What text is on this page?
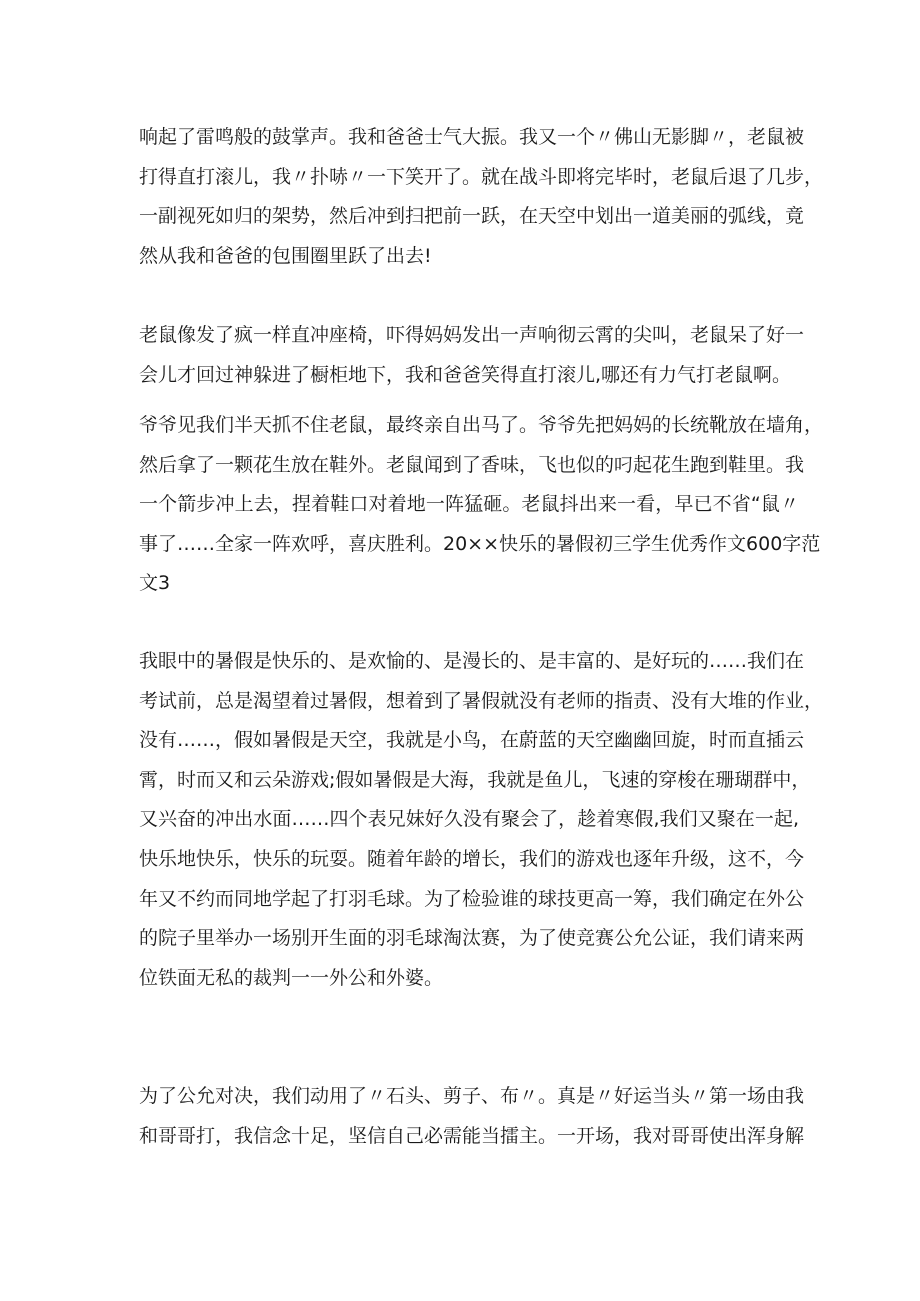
响起了雷鸣般的鼓掌声。我和爸爸士气大振。我又一个〃佛山无影脚〃，老鼠被
打得直打滚儿，我〃扑哧〃一下笑开了。就在战斗即将完毕时，老鼠后退了几步，
一副视死如归的架势，然后冲到扫把前一跃，在天空中划出一道美丽的弧线，竟
然从我和爸爸的包围圈里跃了出去!
老鼠像发了疯一样直冲座椅，吓得妈妈发出一声响彻云霄的尖叫，老鼠呆了好一
会儿才回过神躲进了橱柜地下，我和爸爸笑得直打滚儿,哪还有力气打老鼠啊。
爷爷见我们半天抓不住老鼠，最终亲自出马了。爷爷先把妈妈的长统靴放在墙角，
然后拿了一颗花生放在鞋外。老鼠闻到了香味，飞也似的叼起花生跑到鞋里。我
一个箭步冲上去，捏着鞋口对着地一阵猛砸。老鼠抖出来一看，早已不省“鼠〃
事了……全家一阵欢呼，喜庆胜利。20××快乐的暑假初三学生优秀作文600字范
文3
我眼中的暑假是快乐的、是欢愉的、是漫长的、是丰富的、是好玩的……我们在
考试前，总是渴望着过暑假，想着到了暑假就没有老师的指责、没有大堆的作业，
没有……，假如暑假是天空，我就是小鸟，在蔚蓝的天空幽幽回旋，时而直插云
霄，时而又和云朵游戏;假如暑假是大海，我就是鱼儿，飞速的穿梭在珊瑚群中，
又兴奋的冲出水面……四个表兄妹好久没有聚会了，趁着寒假,我们又聚在一起,
快乐地快乐，快乐的玩耍。随着年龄的增长，我们的游戏也逐年升级，这不，今
年又不约而同地学起了打羽毛球。为了检验谁的球技更高一筹，我们确定在外公
的院子里举办一场别开生面的羽毛球淘汰赛，为了使竞赛公允公证，我们请来两
位铁面无私的裁判一一外公和外婆。
为了公允对决，我们动用了〃石头、剪子、布〃。真是〃好运当头〃第一场由我
和哥哥打，我信念十足，坚信自己必需能当擂主。一开场，我对哥哥使出浑身解
